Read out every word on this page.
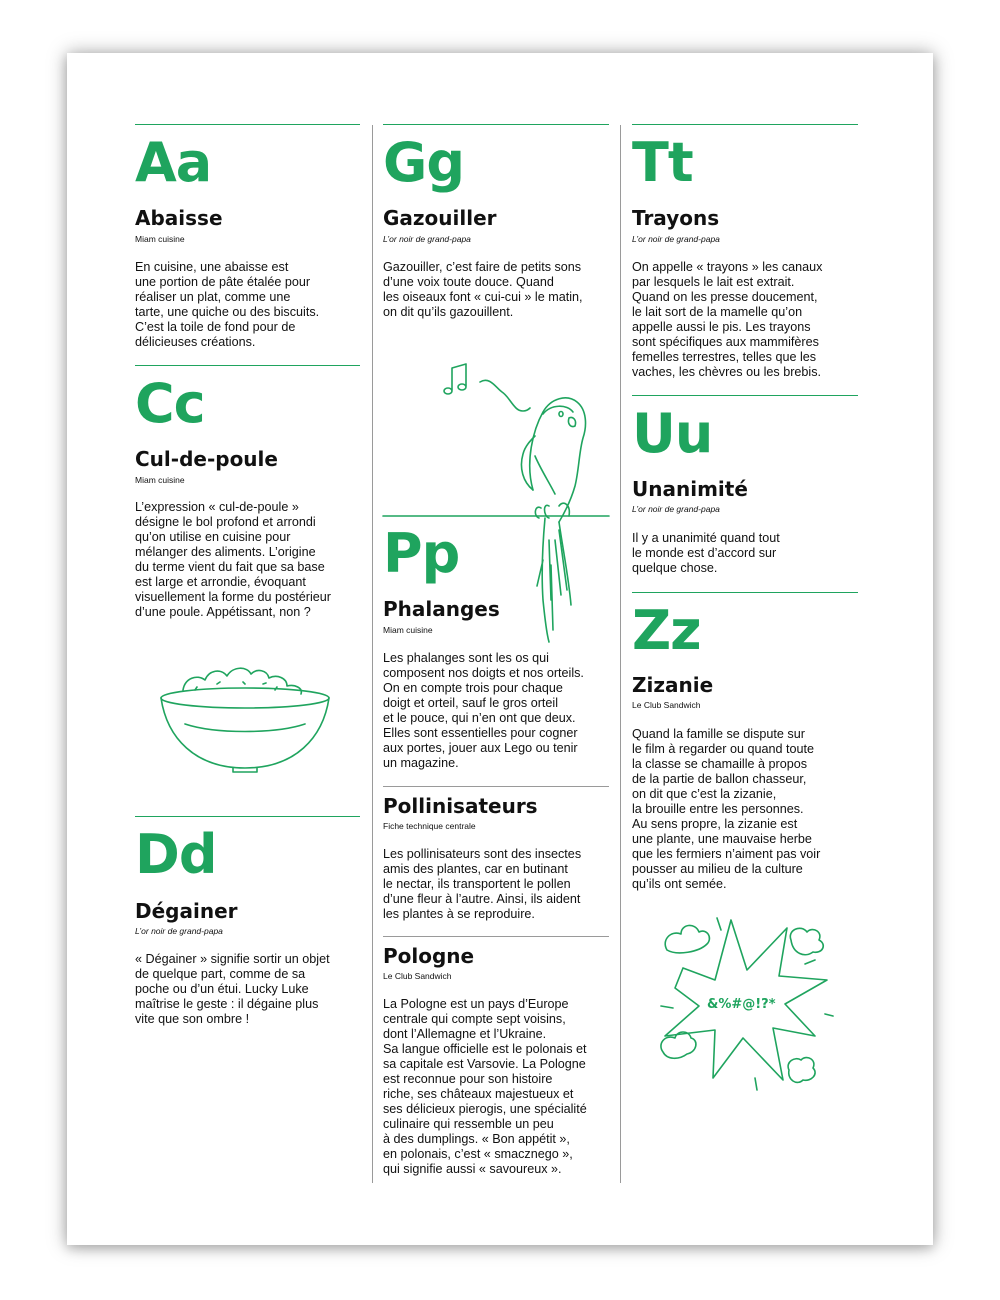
Aa
Abaisse
Miam cuisine
En cuisine, une abaisse est
une portion de pâte étalée pour
réaliser un plat, comme une
tarte, une quiche ou des biscuits.
C’est la toile de fond pour de
délicieuses créations.
Cc
Cul-de-poule
Miam cuisine
L’expression « cul-de-poule »
désigne le bol profond et arrondi
qu’on utilise en cuisine pour
mélanger des aliments. L’origine
du terme vient du fait que sa base
est large et arrondie, évoquant
visuellement la forme du postérieur
d’une poule. Appétissant, non ?
Dd
Dégainer
L’or noir de grand-papa
« Dégainer » signifie sortir un objet
de quelque part, comme de sa
poche ou d’un étui. Lucky Luke
maîtrise le geste : il dégaine plus
vite que son ombre !
Gg
Gazouiller
L’or noir de grand-papa
Gazouiller, c’est faire de petits sons
d’une voix toute douce. Quand
les oiseaux font « cui-cui » le matin,
on dit qu’ils gazouillent.
Pp
Phalanges
Miam cuisine
Les phalanges sont les os qui
composent nos doigts et nos orteils.
On en compte trois pour chaque
doigt et orteil, sauf le gros orteil
et le pouce, qui n’en ont que deux.
Elles sont essentielles pour cogner
aux portes, jouer aux Lego ou tenir
un magazine.
Pollinisateurs
Fiche technique centrale
Les pollinisateurs sont des insectes
amis des plantes, car en butinant
le nectar, ils transportent le pollen
d’une fleur à l’autre. Ainsi, ils aident
les plantes à se reproduire.
Pologne
Le Club Sandwich
La Pologne est un pays d’Europe
centrale qui compte sept voisins,
dont l’Allemagne et l’Ukraine.
Sa langue officielle est le polonais et
sa capitale est Varsovie. La Pologne
est reconnue pour son histoire
riche, ses châteaux majestueux et
ses délicieux pierogis, une spécialité
culinaire qui ressemble un peu
à des dumplings. « Bon appétit »,
en polonais, c’est « smacznego »,
qui signifie aussi « savoureux ».
Tt
Trayons
L’or noir de grand-papa
On appelle « trayons » les canaux
par lesquels le lait est extrait.
Quand on les presse doucement,
le lait sort de la mamelle qu’on
appelle aussi le pis. Les trayons
sont spécifiques aux mammifères
femelles terrestres, telles que les
vaches, les chèvres ou les brebis.
Uu
Unanimité
L’or noir de grand-papa
Il y a unanimité quand tout
le monde est d’accord sur
quelque chose.
Zz
Zizanie
Le Club Sandwich
Quand la famille se dispute sur
le film à regarder ou quand toute
la classe se chamaille à propos
de la partie de ballon chasseur,
on dit que c’est la zizanie,
la brouille entre les personnes.
Au sens propre, la zizanie est
une plante, une mauvaise herbe
que les fermiers n’aiment pas voir
pousser au milieu de la culture
qu’ils ont semée.
&%#@!?*
